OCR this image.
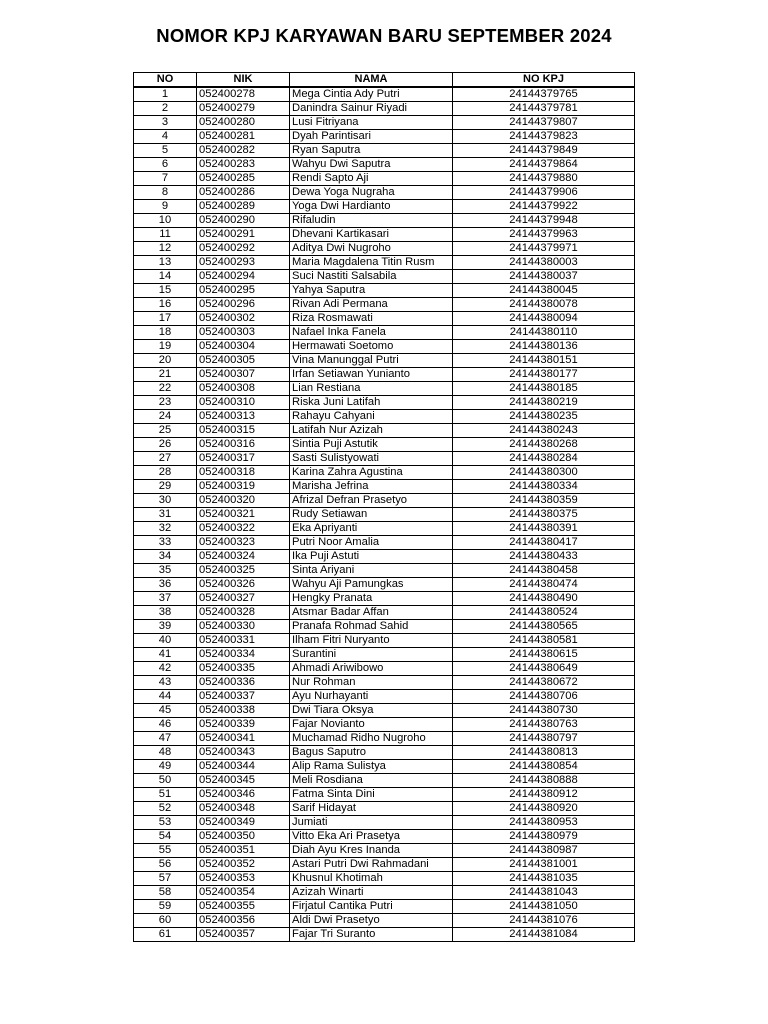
NOMOR KPJ KARYAWAN BARU SEPTEMBER 2024
NO	NIK	NAMA	NO KPJ
1	052400278	Mega Cintia Ady Putri	24144379765
2	052400279	Danindra Sainur Riyadi	24144379781
3	052400280	Lusi Fitriyana	24144379807
4	052400281	Dyah Parintisari	24144379823
5	052400282	Ryan Saputra	24144379849
6	052400283	Wahyu Dwi Saputra	24144379864
7	052400285	Rendi Sapto Aji	24144379880
8	052400286	Dewa Yoga Nugraha	24144379906
9	052400289	Yoga Dwi Hardianto	24144379922
10	052400290	Rifaludin	24144379948
11	052400291	Dhevani Kartikasari	24144379963
12	052400292	Aditya Dwi Nugroho	24144379971
13	052400293	Maria Magdalena Titin Rusm	24144380003
14	052400294	Suci Nastiti Salsabila	24144380037
15	052400295	Yahya Saputra	24144380045
16	052400296	Rivan Adi Permana	24144380078
17	052400302	Riza Rosmawati	24144380094
18	052400303	Nafael Inka Fanela	24144380110
19	052400304	Hermawati Soetomo	24144380136
20	052400305	Vina Manunggal Putri	24144380151
21	052400307	Irfan Setiawan Yunianto	24144380177
22	052400308	Lian Restiana	24144380185
23	052400310	Riska Juni Latifah	24144380219
24	052400313	Rahayu Cahyani	24144380235
25	052400315	Latifah Nur Azizah	24144380243
26	052400316	Sintia Puji Astutik	24144380268
27	052400317	Sasti Sulistyowati	24144380284
28	052400318	Karina Zahra Agustina	24144380300
29	052400319	Marisha Jefrina	24144380334
30	052400320	Afrizal Defran Prasetyo	24144380359
31	052400321	Rudy Setiawan	24144380375
32	052400322	Eka Apriyanti	24144380391
33	052400323	Putri Noor Amalia	24144380417
34	052400324	Ika Puji Astuti	24144380433
35	052400325	Sinta Ariyani	24144380458
36	052400326	Wahyu Aji Pamungkas	24144380474
37	052400327	Hengky Pranata	24144380490
38	052400328	Atsmar Badar Affan	24144380524
39	052400330	Pranafa Rohmad Sahid	24144380565
40	052400331	Ilham Fitri Nuryanto	24144380581
41	052400334	Surantini	24144380615
42	052400335	Ahmadi Ariwibowo	24144380649
43	052400336	Nur Rohman	24144380672
44	052400337	Ayu Nurhayanti	24144380706
45	052400338	Dwi Tiara Oksya	24144380730
46	052400339	Fajar Novianto	24144380763
47	052400341	Muchamad Ridho Nugroho	24144380797
48	052400343	Bagus Saputro	24144380813
49	052400344	Alip Rama Sulistya	24144380854
50	052400345	Meli Rosdiana	24144380888
51	052400346	Fatma Sinta Dini	24144380912
52	052400348	Sarif Hidayat	24144380920
53	052400349	Jumiati	24144380953
54	052400350	Vitto Eka Ari Prasetya	24144380979
55	052400351	Diah Ayu Kres Inanda	24144380987
56	052400352	Astari Putri Dwi Rahmadani	24144381001
57	052400353	Khusnul Khotimah	24144381035
58	052400354	Azizah Winarti	24144381043
59	052400355	Firjatul Cantika Putri	24144381050
60	052400356	Aldi Dwi Prasetyo	24144381076
61	052400357	Fajar Tri Suranto	24144381084
